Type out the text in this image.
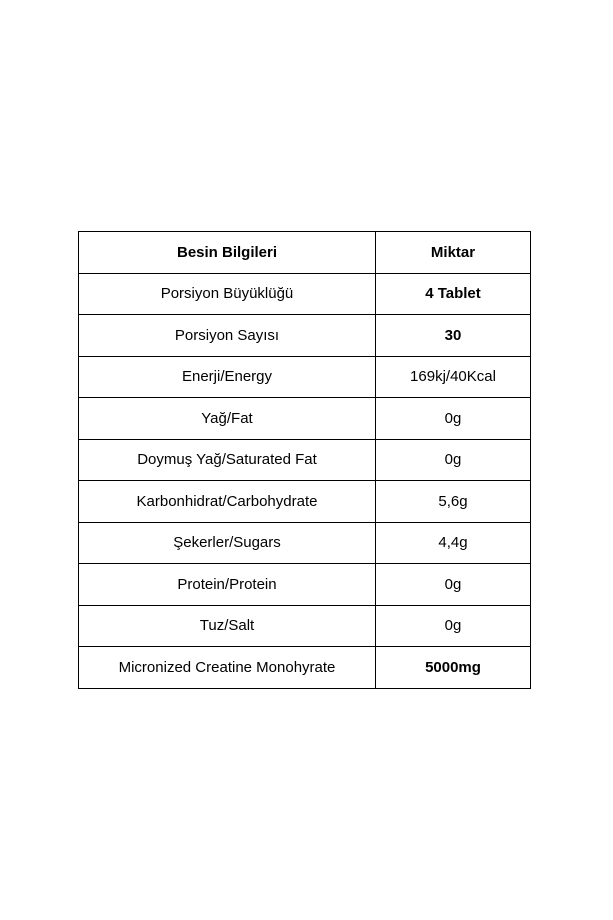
Besin Bilgileri	Miktar
Porsiyon Büyüklüğü	4 Tablet
Porsiyon Sayısı	30
Enerji/Energy	169kj/40Kcal
Yağ/Fat	0g
Doymuş Yağ/Saturated Fat	0g
Karbonhidrat/Carbohydrate	5,6g
Şekerler/Sugars	4,4g
Protein/Protein	0g
Tuz/Salt	0g
Micronized Creatine Monohyrate	5000mg
